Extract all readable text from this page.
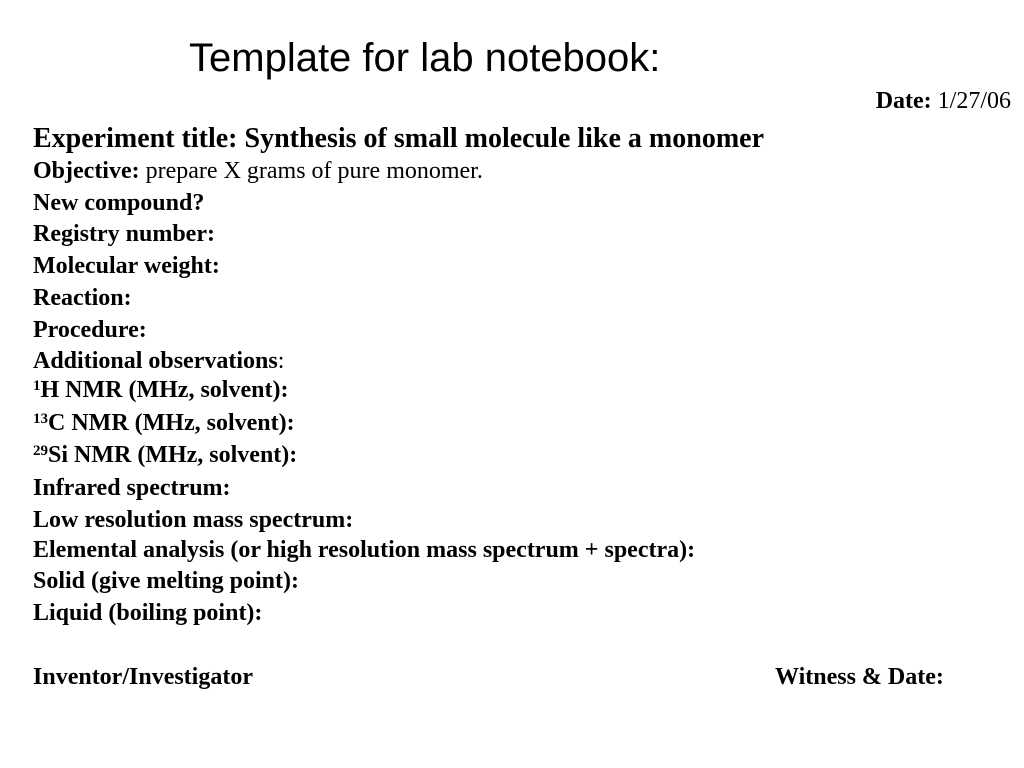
Template for lab notebook:
Date: 1/27/06
Experiment title: Synthesis of small molecule like a monomer
Objective: prepare X grams of pure monomer.
New compound?
Registry number:
Molecular weight:
Reaction:
Procedure:
Additional observations:
$^1$H NMR (MHz, solvent):
$^{13}$C NMR (MHz, solvent):
$^{29}$Si NMR (MHz, solvent):
Infrared spectrum:
Low resolution mass spectrum:
Elemental analysis (or high resolution mass spectrum + spectra):
Solid (give melting point):
Liquid (boiling point):
Inventor/Investigator	Witness & Date:
